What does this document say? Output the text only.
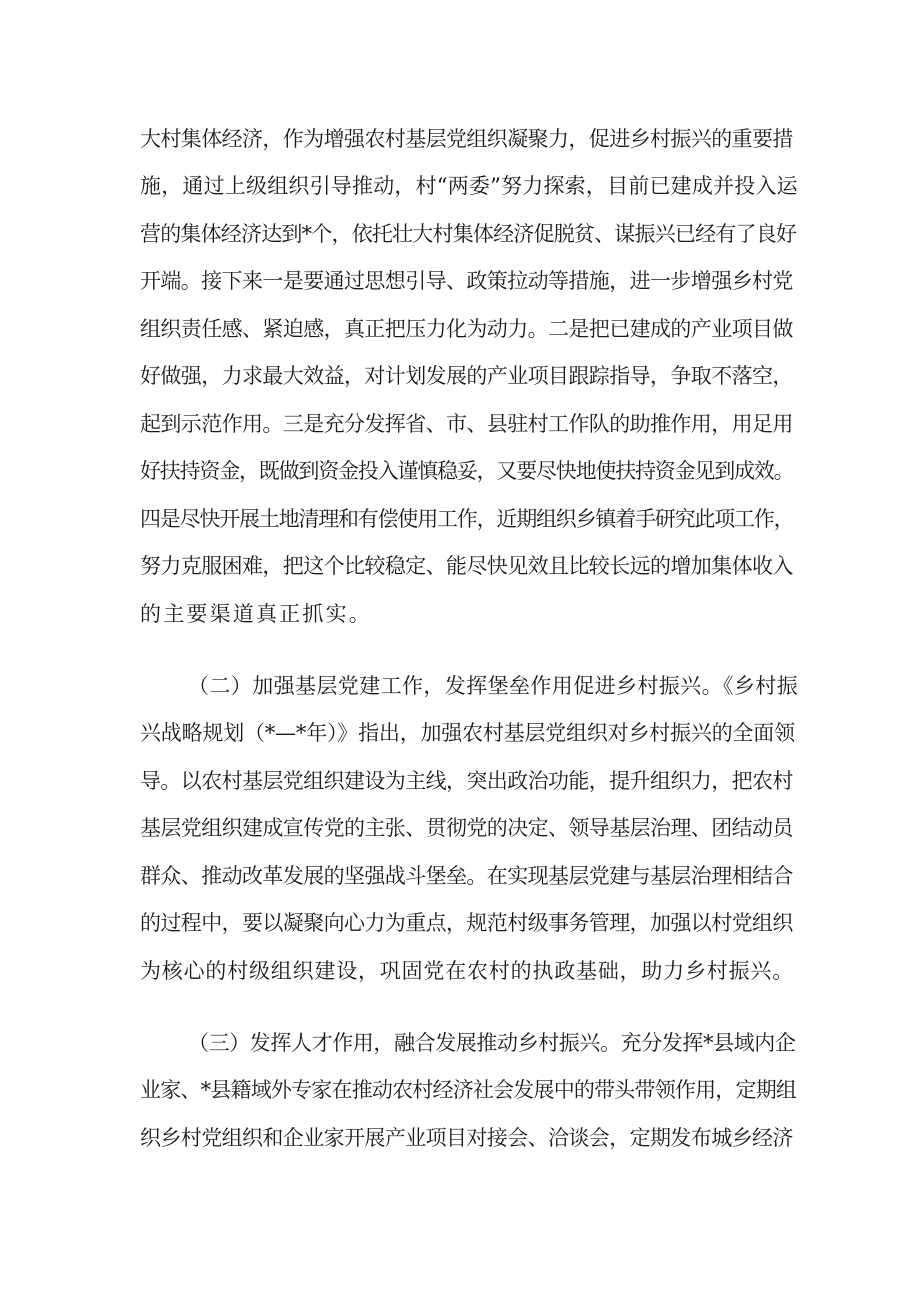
大村集体经济，作为增强农村基层党组织凝聚力，促进乡村振兴的重要措
施，通过上级组织引导推动，村“两委”努力探索，目前已建成并投入运
营的集体经济达到*个，依托壮大村集体经济促脱贫、谋振兴已经有了良好
开端。接下来一是要通过思想引导、政策拉动等措施，进一步增强乡村党
组织责任感、紧迫感，真正把压力化为动力。二是把已建成的产业项目做
好做强，力求最大效益，对计划发展的产业项目跟踪指导，争取不落空，
起到示范作用。三是充分发挥省、市、县驻村工作队的助推作用，用足用
好扶持资金，既做到资金投入谨慎稳妥，又要尽快地使扶持资金见到成效。
四是尽快开展土地清理和有偿使用工作，近期组织乡镇着手研究此项工作，
努力克服困难，把这个比较稳定、能尽快见效且比较长远的增加集体收入
的主要渠道真正抓实。
（二）加强基层党建工作，发挥堡垒作用促进乡村振兴。《乡村振
兴战略规划（*—*年）》指出，加强农村基层党组织对乡村振兴的全面领
导。以农村基层党组织建设为主线，突出政治功能，提升组织力，把农村
基层党组织建成宣传党的主张、贯彻党的决定、领导基层治理、团结动员
群众、推动改革发展的坚强战斗堡垒。在实现基层党建与基层治理相结合
的过程中，要以凝聚向心力为重点，规范村级事务管理，加强以村党组织
为核心的村级组织建设，巩固党在农村的执政基础，助力乡村振兴。
（三）发挥人才作用，融合发展推动乡村振兴。充分发挥*县域内企
业家、*县籍域外专家在推动农村经济社会发展中的带头带领作用，定期组
织乡村党组织和企业家开展产业项目对接会、洽谈会，定期发布城乡经济
